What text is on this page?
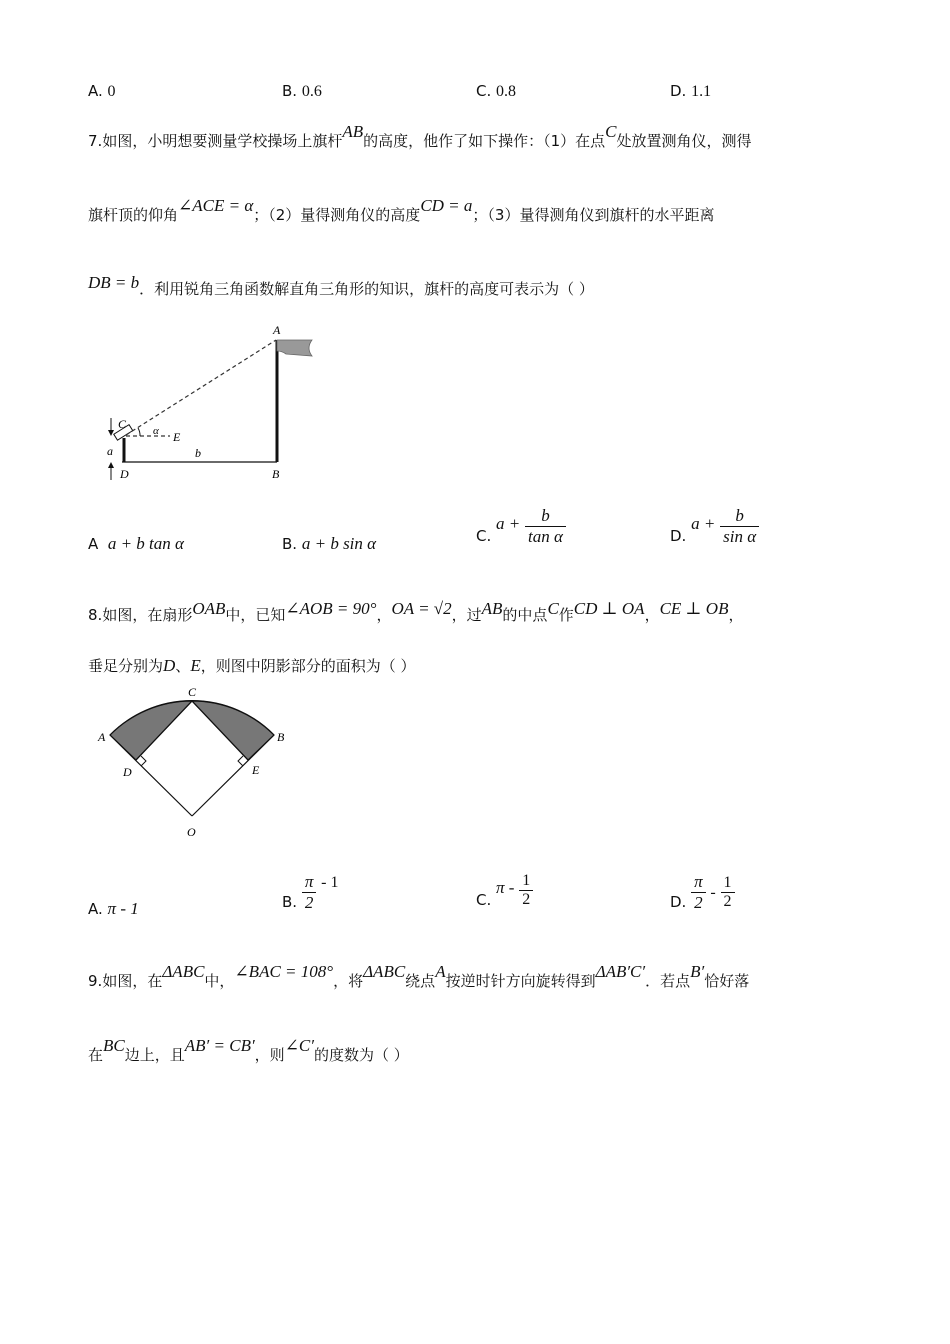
A. 0	B. 0.6	C. 0.8	D. 1.1
7.如图，小明想要测量学校操场上旗杆AB的高度，他作了如下操作：（1）在点C处放置测角仪，测得
旗杆顶的仰角∠ACE = α；（2）量得测角仪的高度CD = a；（3）量得测角仪到旗杆的水平距离
DB = b．利用锐角三角函数解直角三角形的知识，旗杆的高度可表示为（ ）
A
B
C
D
E
α
a	b
A a + b tan α	B. a + b sin α	C. $a + \frac{b}{\text{tan α}}$	D. $a + \frac{b}{\text{sin α}}$
8.如图，在扇形OAB中，已知∠AOB = 90°，OA = √2，过AB的中点C作CD ⊥ OA，CE ⊥ OB，
垂足分别为D、E，则图中阴影部分的面积为（ ）
C
A	B
D	E
O
A. π - 1	B. $\frac{\pi}{2} - 1$
C. π - $\frac{1}{2}$	D. $\frac{\pi}{2} - \frac{1}{2}$
9.如图，在ΔABC中，∠BAC = 108°，将ΔABC绕点A按逆时针方向旋转得到ΔAB′C′．若点B′恰好落
在BC边上，且AB′ = CB′，则∠C′的度数为（ ）
